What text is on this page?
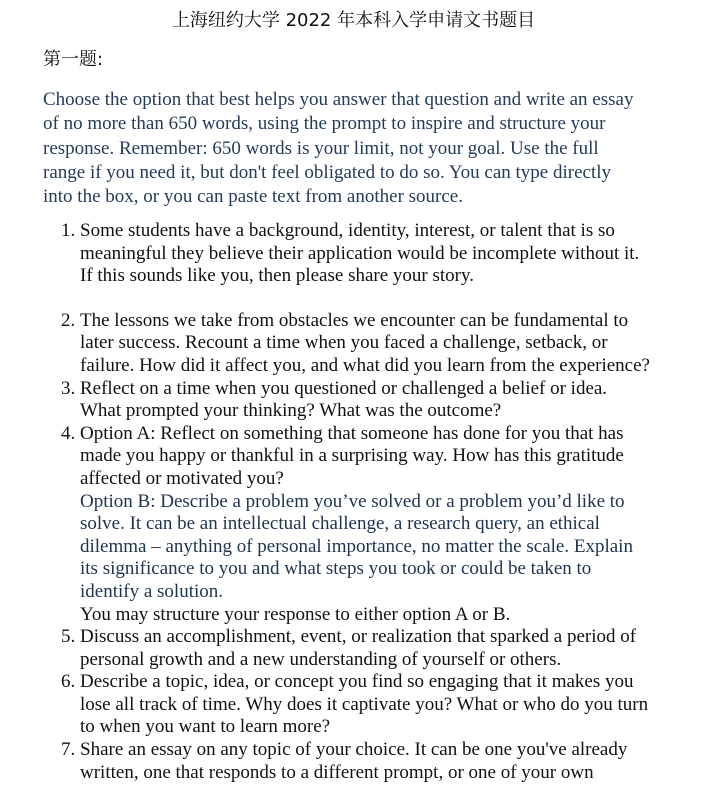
上海纽约大学 2022 年本科入学申请文书题目
第一题:

Choose the option that best helps you answer that question and write an essay of no more than 650 words, using the prompt to inspire and structure your response. Remember: 650 words is your limit, not your goal. Use the full range if you need it, but don't feel obligated to do so. You can type directly into the box, or you can paste text from another source.

1. Some students have a background, identity, interest, or talent that is so meaningful they believe their application would be incomplete without it. If this sounds like you, then please share your story.
2. The lessons we take from obstacles we encounter can be fundamental to later success. Recount a time when you faced a challenge, setback, or failure. How did it affect you, and what did you learn from the experience?
3. Reflect on a time when you questioned or challenged a belief or idea. What prompted your thinking? What was the outcome?
4. Option A: Reflect on something that someone has done for you that has made you happy or thankful in a surprising way. How has this gratitude affected or motivated you?
Option B: Describe a problem you’ve solved or a problem you’d like to solve. It can be an intellectual challenge, a research query, an ethical dilemma – anything of personal importance, no matter the scale. Explain its significance to you and what steps you took or could be taken to identify a solution.
You may structure your response to either option A or B.
5. Discuss an accomplishment, event, or realization that sparked a period of personal growth and a new understanding of yourself or others.
6. Describe a topic, idea, or concept you find so engaging that it makes you lose all track of time. Why does it captivate you? What or who do you turn to when you want to learn more?
7. Share an essay on any topic of your choice. It can be one you've already written, one that responds to a different prompt, or one of your own
